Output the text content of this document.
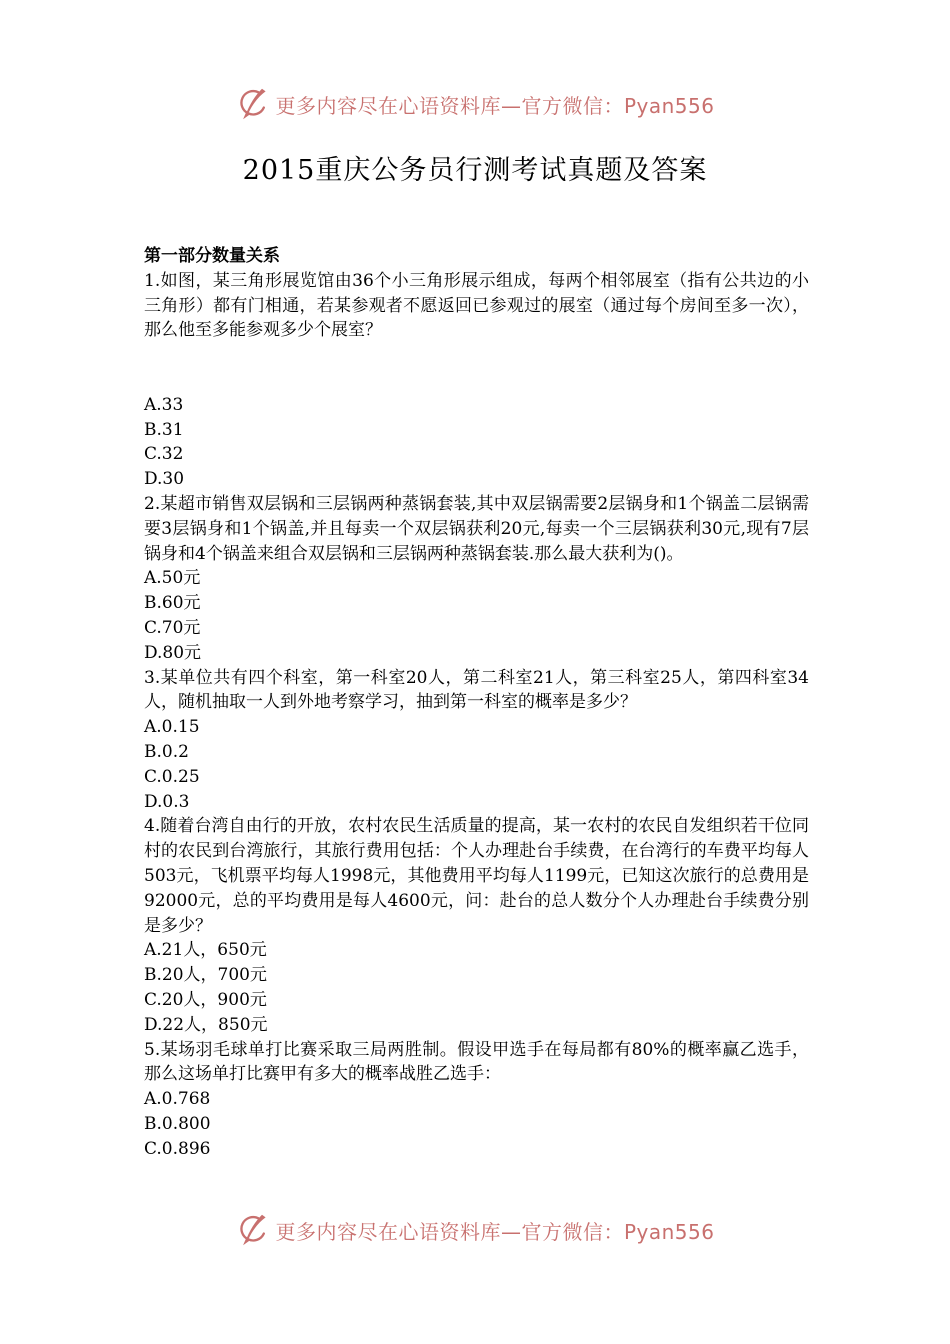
更多内容尽在心语资料库—官方微信：Pyan556
2015重庆公务员行测考试真题及答案
第一部分数量关系
1.如图，某三角形展览馆由36个小三角形展示组成，每两个相邻展室（指有公共边的小三角形）都有门相通，若某参观者不愿返回已参观过的展室（通过每个房间至多一次），那么他至多能参观多少个展室？
A.33
B.31
C.32
D.30
2.某超市销售双层锅和三层锅两种蒸锅套装,其中双层锅需要2层锅身和1个锅盖二层锅需要3层锅身和1个锅盖,并且每卖一个双层锅获利20元,每卖一个三层锅获利30元,现有7层锅身和4个锅盖来组合双层锅和三层锅两种蒸锅套装.那么最大获利为()。
A.50元
B.60元
C.70元
D.80元
3.某单位共有四个科室，第一科室20人，第二科室21人，第三科室25人，第四科室34人，随机抽取一人到外地考察学习，抽到第一科室的概率是多少？
A.0.15
B.0.2
C.0.25
D.0.3
4.随着台湾自由行的开放，农村农民生活质量的提高，某一农村的农民自发组织若干位同村的农民到台湾旅行，其旅行费用包括：个人办理赴台手续费，在台湾行的车费平均每人503元，飞机票平均每人1998元，其他费用平均每人1199元，已知这次旅行的总费用是92000元，总的平均费用是每人4600元，问：赴台的总人数分个人办理赴台手续费分别是多少？
A.21人，650元
B.20人，700元
C.20人，900元
D.22人，850元
5.某场羽毛球单打比赛采取三局两胜制。假设甲选手在每局都有80%的概率赢乙选手，那么这场单打比赛甲有多大的概率战胜乙选手：
A.0.768
B.0.800
C.0.896
更多内容尽在心语资料库—官方微信：Pyan556
